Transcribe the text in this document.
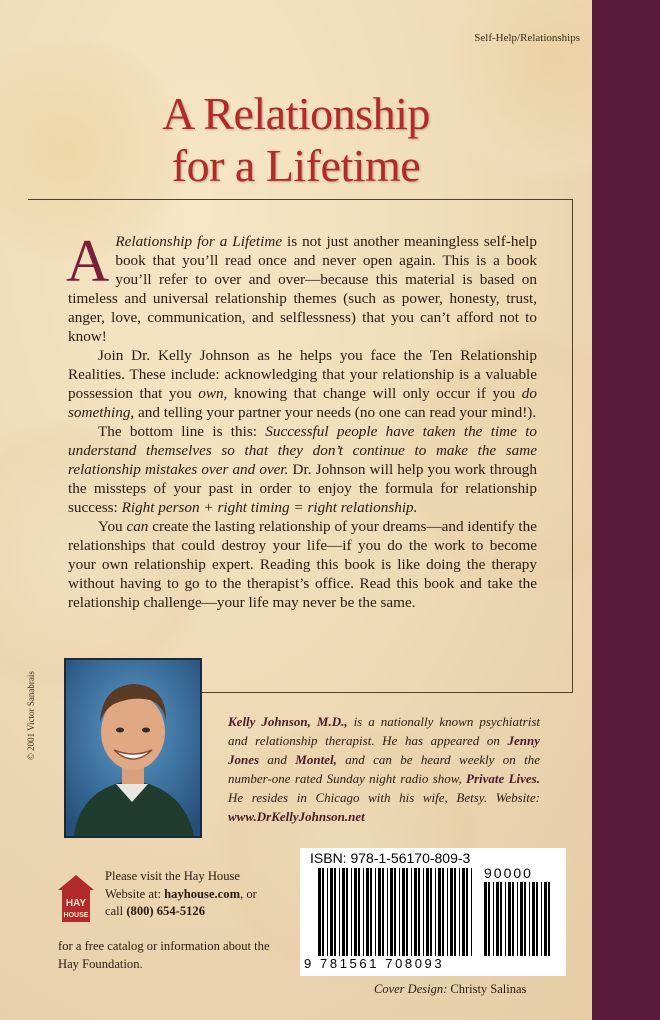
Self-Help/Relationships
A Relationship
for a Lifetime

A Relationship for a Lifetime is not just another meaningless self-help book that you’ll read once and never open again. This is a book you’ll refer to over and over—because this material is based on timeless and universal relationship themes (such as power, honesty, trust, anger, love, communication, and selflessness) that you can’t afford not to know!

Join Dr. Kelly Johnson as he helps you face the Ten Relationship Realities. These include: acknowledging that your relationship is a valuable possession that you own, knowing that change will only occur if you do something, and telling your partner your needs (no one can read your mind!).

The bottom line is this: Successful people have taken the time to understand themselves so that they don’t continue to make the same relationship mistakes over and over. Dr. Johnson will help you work through the missteps of your past in order to enjoy the formula for relationship success: Right person + right timing = right relationship.

You can create the lasting relationship of your dreams—and identify the relationships that could destroy your life—if you do the work to become your own relationship expert. Reading this book is like doing the therapy without having to go to the therapist’s office. Read this book and take the relationship challenge—your life may never be the same.

© 2001 Victor Sanabrais	Kelly Johnson, M.D., is a nationally known psychiatrist and relationship therapist. He has appeared on Jenny Jones and Montel, and can be heard weekly on the number-one rated Sunday night radio show, Private Lives. He resides in Chicago with his wife, Betsy. Website: www.DrKellyJohnson.net
HAY
HOUSE
Please visit the Hay House Website at: hayhouse.com, or call (800) 654-5126
for a free catalog or information about the Hay Foundation.
ISBN: 978-1-56170-809-3
90000
9 781561 708093
Cover Design: Christy Salinas
